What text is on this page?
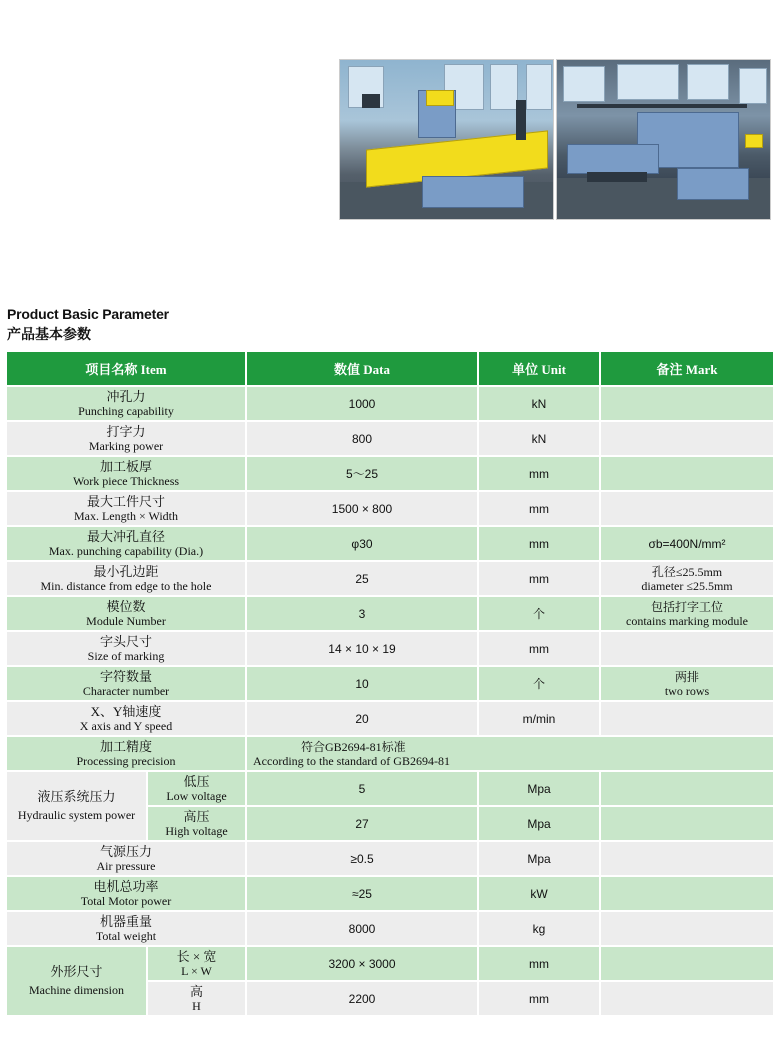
Product Basic Parameter
产品基本参数
项目名称 Item		数值 Data	单位 Unit	备注 Mark

冲孔力
Punching capability		1000	kN	

打字力
Marking power		800	kN	

加工板厚
Work piece Thickness		5～25	mm	

最大工件尺寸
Max. Length × Width		1500 × 800	mm	

最大冲孔直径
Max. punching capability (Dia.)		φ30	mm	σb=400N/mm²

最小孔边距
Min. distance from edge to the hole		25	mm	孔径≤25.5mm
diameter ≤25.5mm

模位数
Module Number		3	个	包括打字工位
contains marking module

字头尺寸
Size of marking		14 × 10 × 19	mm	

字符数量
Character number		10	个	两排
two rows

X、Y轴速度
X axis and Y speed		20	m/min	

加工精度
Processing precision		符合GB2694-81标准
According to the standard of GB2694-81		

液压系统压力
Hydraulic system power	低压
Low voltage	5	Mpa	

	高压
High voltage	27	Mpa	

气源压力
Air pressure		≥0.5	Mpa	

电机总功率
Total Motor power		≈25	kW	

机器重量
Total weight		8000	kg	

外形尺寸
Machine dimension	长 × 宽
L × W	3200 × 3000	mm	

	高
H	2200	mm	
